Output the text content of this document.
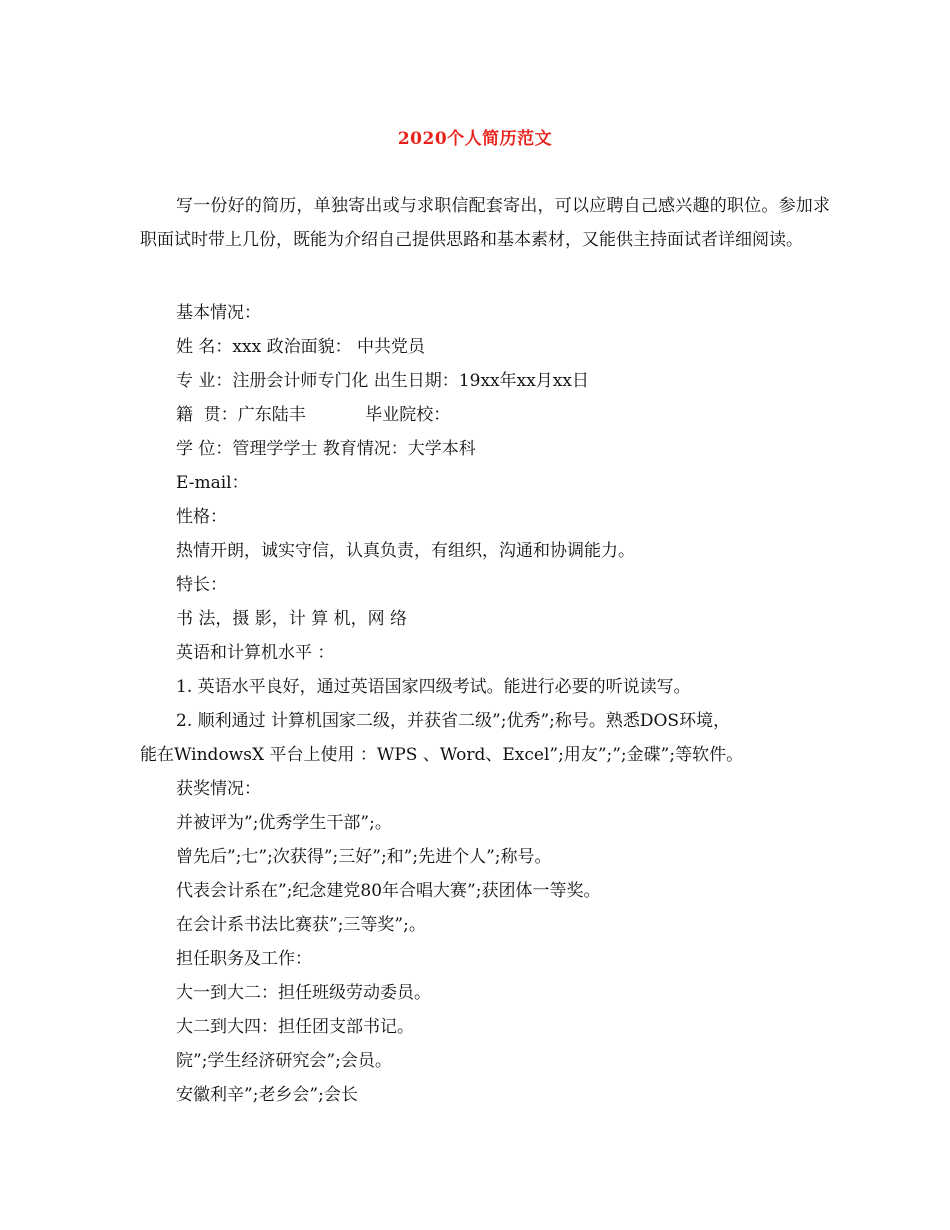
2020个人简历范文

写一份好的简历，单独寄出或与求职信配套寄出，可以应聘自己感兴趣的职位。参加求职面试时带上几份，既能为介绍自己提供思路和基本素材，又能供主持面试者详细阅读。

基本情况：
姓 名：xxx 政治面貌： 中共党员
专 业：注册会计师专门化 出生日期：19xx年xx月xx日
籍  贯：广东陆丰           毕业院校：
学 位：管理学学士 教育情况：大学本科
E-mail：
性格：
热情开朗，诚实守信，认真负责，有组织，沟通和协调能力。
特长：
书 法，摄 影，计 算 机，网 络
英语和计算机水平 ：
1. 英语水平良好，通过英语国家四级考试。能进行必要的听说读写。
2. 顺利通过 计算机国家二级，并获省二级”;优秀”;称号。熟悉DOS环境，
能在WindowsX 平台上使用 ：WPS 、Word、Excel”;用友”;”;金碟”;等软件。
获奖情况：
并被评为”;优秀学生干部”;。
曾先后”;七”;次获得”;三好”;和”;先进个人”;称号。
代表会计系在”;纪念建党80年合唱大赛”;获团体一等奖。
在会计系书法比赛获”;三等奖”;。
担任职务及工作：
大一到大二：担任班级劳动委员。
大二到大四：担任团支部书记。
院”;学生经济研究会”;会员。
安徽利辛”;老乡会”;会长
